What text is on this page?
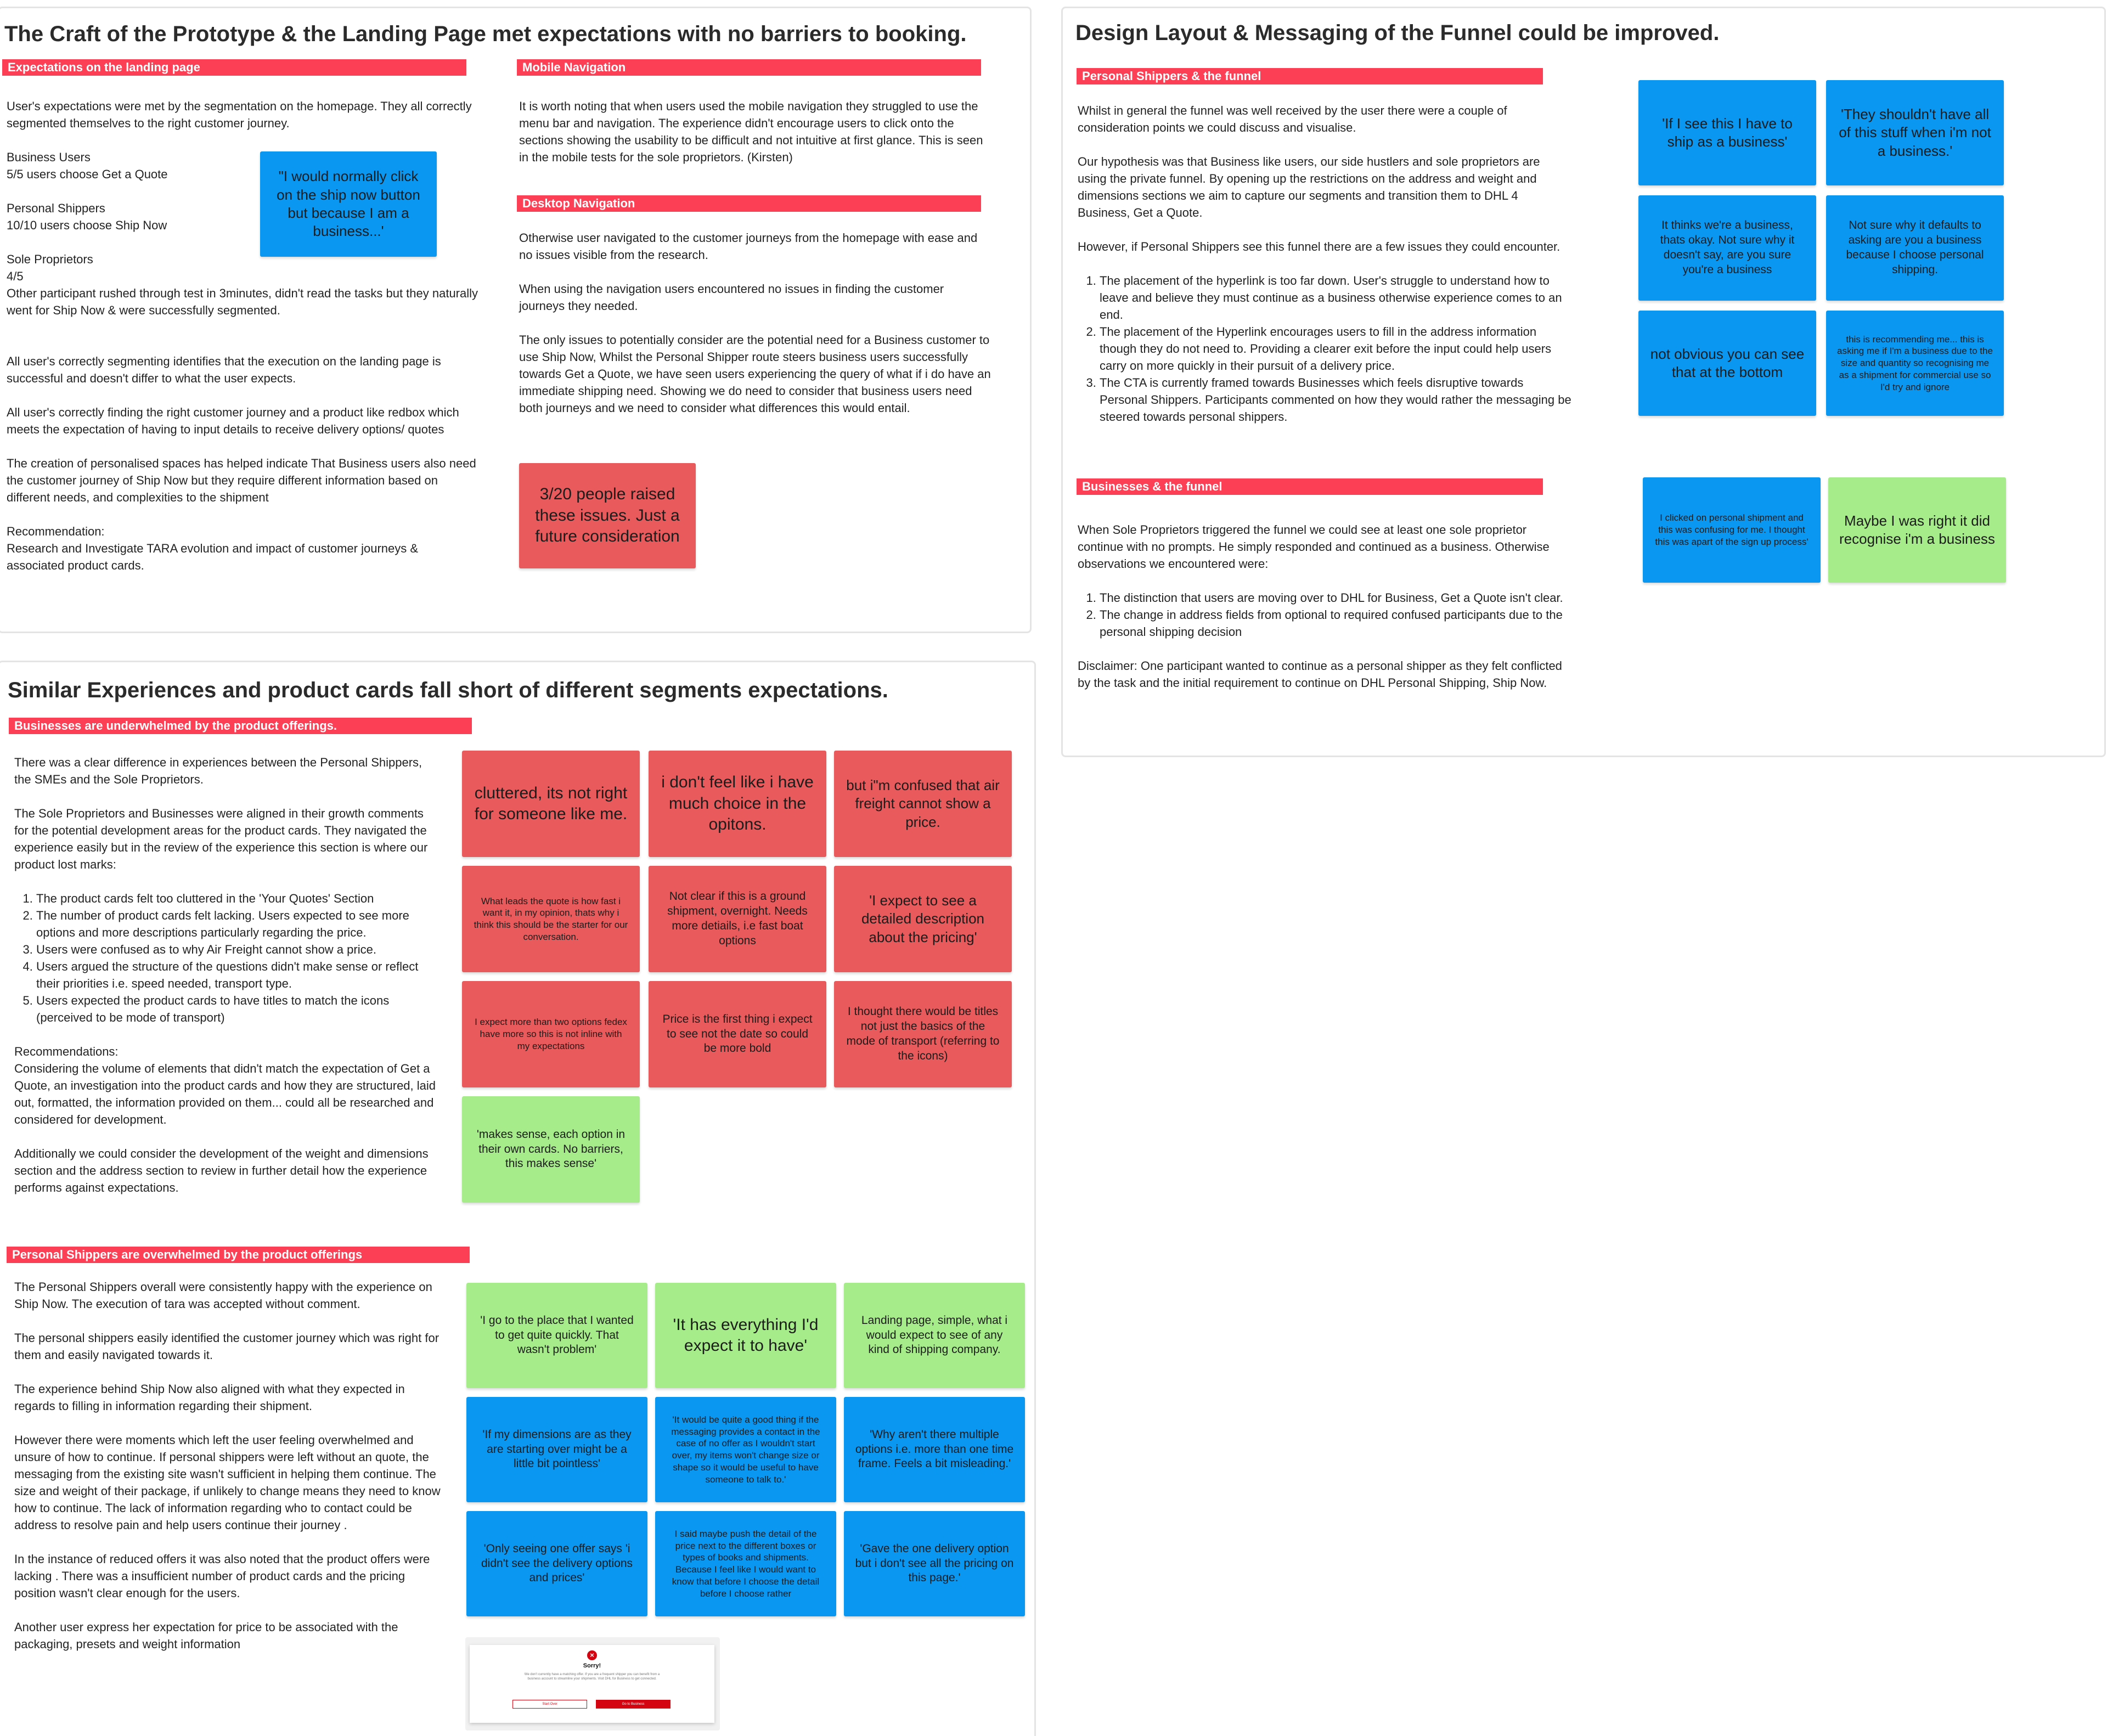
The Craft of the Prototype & the Landing Page met expectations with no barriers to booking.
Expectations on the landing page

User's expectations were met by the segmentation on the homepage. They all correctly segmented themselves to the right customer journey.

Business Users
5/5 users choose Get a Quote

Personal Shippers
10/10 users choose Ship Now

Sole Proprietors
4/5
Other participant rushed through test in 3minutes, didn't read the tasks but they naturally went for Ship Now & were successfully segmented.

All user's correctly segmenting identifies that the execution on the landing page is successful and doesn't differ to what the user expects.

All user's correctly finding the right customer journey and a product like redbox which meets the expectation of having to input details to receive delivery options/ quotes

The creation of personalised spaces has helped indicate That Business users also need the customer journey of Ship Now but they require different information based on different needs, and complexities to the shipment

Recommendation:
Research and Investigate TARA evolution and impact of customer journeys & associated product cards.

"I would normally click on the ship now button but because I am a business...'
Mobile Navigation

It is worth noting that when users used the mobile navigation they struggled to use the menu bar and navigation. The experience didn't encourage users to click onto the sections showing the usability to be difficult and not intuitive at first glance. This is seen in the mobile tests for the sole proprietors. (Kirsten)

Desktop Navigation

Otherwise user navigated to the customer journeys from the homepage with ease and no issues visible from the research.

When using the navigation users encountered no issues in finding the customer journeys they needed.

The only issues to potentially consider are the potential need for a Business customer to use Ship Now, Whilst the Personal Shipper route steers business users successfully towards Get a Quote, we have seen users experiencing the query of what if i do have an immediate shipping need. Showing we do need to consider that business users need both journeys and we need to consider what differences this would entail.

3/20 people raised these issues. Just a future consideration
Design Layout & Messaging of the Funnel could be improved.
Personal Shippers & the funnel

Whilst in general the funnel was well received by the user there were a couple of consideration points we could discuss and visualise.

Our hypothesis was that Business like users, our side hustlers and sole proprietors are using the private funnel. By opening up the restrictions on the address and weight and dimensions sections we aim to capture our segments and transition them to DHL 4 Business, Get a Quote.

However, if Personal Shippers see this funnel there are a few issues they could encounter.

1. The placement of the hyperlink is too far down. User's struggle to understand how to leave and believe they must continue as a business otherwise experience comes to an end.
2. The placement of the Hyperlink encourages users to fill in the address information though they do not need to. Providing a clearer exit before the input could help users carry on more quickly in their pursuit of a delivery price.
3. The CTA is currently framed towards Businesses which feels disruptive towards Personal Shippers. Participants commented on how they would rather the messaging be steered towards personal shippers.
Businesses & the funnel

When Sole Proprietors triggered the funnel we could see at least one sole proprietor continue with no prompts. He simply responded and continued as a business. Otherwise observations we encountered were:

1. The distinction that users are moving over to DHL for Business, Get a Quote isn't clear.
2. The change in address fields from optional to required confused participants due to the personal shipping decision

Disclaimer: One participant wanted to continue as a personal shipper as they felt conflicted by the task and the initial requirement to continue on DHL Personal Shipping, Ship Now.

'If I see this I have to ship as a business'
'They shouldn't have all of this stuff when i'm not a business.'
It thinks we're a business, thats okay. Not sure why it doesn't say, are you sure you're a business
Not sure why it defaults to asking are you a business because I choose personal shipping.
not obvious you can see that at the bottom
this is recommending me... this is asking me if I'm a business due to the size and quantity so recognising me as a shipment for commercial use so I'd try and ignore
I clicked on personal shipment and this was confusing for me. I thought this was apart of the sign up process'
Maybe I was right it did recognise i'm a business
Similar Experiences and product cards fall short of different segments expectations.
Businesses are underwhelmed by the product offerings.

There was a clear difference in experiences between the Personal Shippers, the SMEs and the Sole Proprietors.

The Sole Proprietors and Businesses were aligned in their growth comments for the potential development areas for the product cards. They navigated the experience easily but in the review of the experience this section is where our product lost marks:

1. The product cards felt too cluttered in the 'Your Quotes' Section
2. The number of product cards felt lacking. Users expected to see more options and more descriptions particularly regarding the price.
3. Users were confused as to why Air Freight cannot show a price.
4. Users argued the structure of the questions didn't make sense or reflect their priorities i.e. speed needed, transport type.
5. Users expected the product cards to have titles to match the icons (perceived to be mode of transport)

Recommendations:
Considering the volume of elements that didn't match the expectation of Get a Quote, an investigation into the product cards and how they are structured, laid out, formatted, the information provided on them... could all be researched and considered for development.

Additionally we could consider the development of the weight and dimensions section and the address section to review in further detail how the experience performs against expectations.

cluttered, its not right for someone like me.
i don't feel like i have much choice in the opitons.
but i"m confused that air freight cannot show a price.
What leads the quote is how fast i want it, in my opinion, thats why i think this should be the starter for our conversation.
Not clear if this is a ground shipment, overnight. Needs more detiails, i.e fast boat options
'I expect to see a detailed description about the pricing'
I expect more than two options fedex have more so this is not inline with my expectations
Price is the first thing i expect to see not the date so could be more bold
I thought there would be titles not just the basics of the mode of transport (referring to the icons)
'makes sense, each option in their own cards. No barriers, this makes sense'
Personal Shippers are overwhelmed by the product offerings

The Personal Shippers overall were consistently happy with the experience on Ship Now. The execution of tara was accepted without comment.

The personal shippers easily identified the customer journey which was right for them and easily navigated towards it.

The experience behind Ship Now also aligned with what they expected in regards to filling in information regarding their shipment.

However there were moments which left the user feeling overwhelmed and unsure of how to continue. If personal shippers were left without an quote, the messaging from the existing site wasn't sufficient in helping them continue. The size and weight of their package, if unlikely to change means they need to know how to continue. The lack of information regarding who to contact could be address to resolve pain and help users continue their journey .

In the instance of reduced offers it was also noted that the product offers were lacking . There was a insufficient number of product cards and the pricing position wasn't clear enough for the users.

Another user express her expectation for price to be associated with the packaging, presets and weight information

'I go to the place that I wanted to get quite quickly. That wasn't problem'
'It has everything I'd expect it to have'
Landing page, simple, what i would expect to see of any kind of shipping company.
'If my dimensions are as they are starting over might be a little bit pointless'
'It would be quite a good thing if the messaging provides a contact in the case of no offer as I wouldn't start over, my items won't change size or shape so it would be useful to have someone to talk to.'
'Why aren't there multiple options i.e. more than one time frame. Feels a bit misleading.'
'Only seeing one offer says 'i didn't see the delivery options and prices'
I said maybe push the detail of the price next to the different boxes or types of books and shipments. Because I feel like I would want to know that before I choose the detail before I choose rather
'Gave the one delivery option but i don't see all the pricing on this page.'
×
Sorry!
We don't currently have a matching offer. If you are a frequent shipper you can benefit from a business account to streamline your shipments. Visit DHL for Business to get connected.
Start Over	Go to Business
